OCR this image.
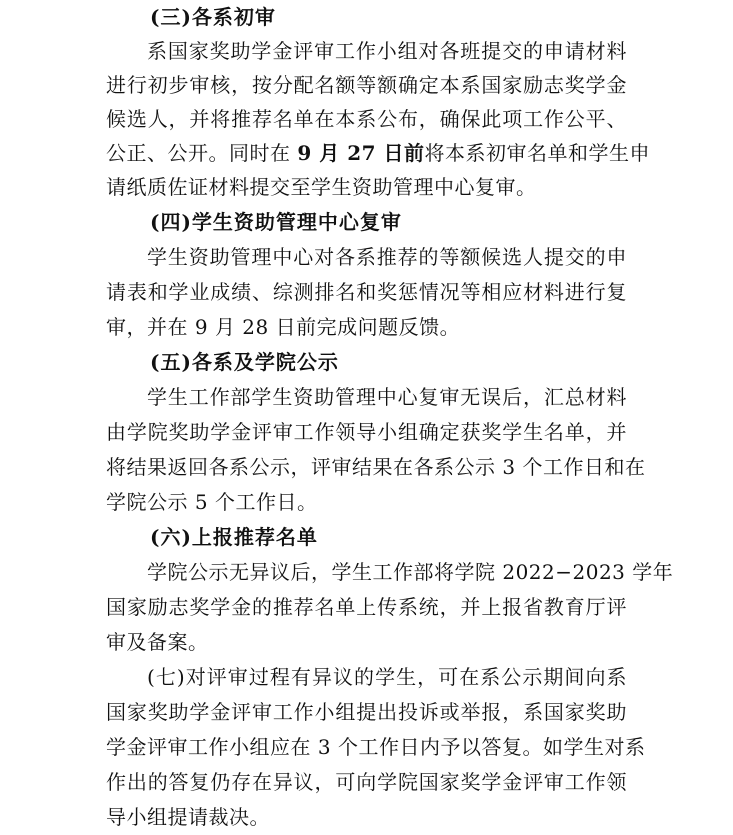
(三)各系初审
系国家奖助学金评审工作小组对各班提交的申请材料
进行初步审核，按分配名额等额确定本系国家励志奖学金
候选人，并将推荐名单在本系公布，确保此项工作公平、
公正、公开。同时在 9 月 27 日前将本系初审名单和学生申
请纸质佐证材料提交至学生资助管理中心复审。
(四)学生资助管理中心复审
学生资助管理中心对各系推荐的等额候选人提交的申
请表和学业成绩、综测排名和奖惩情况等相应材料进行复
审，并在 9 月 28 日前完成问题反馈。
(五)各系及学院公示
学生工作部学生资助管理中心复审无误后，汇总材料
由学院奖助学金评审工作领导小组确定获奖学生名单，并
将结果返回各系公示，评审结果在各系公示 3 个工作日和在
学院公示 5 个工作日。
(六)上报推荐名单
学院公示无异议后，学生工作部将学院 2022−2023 学年
国家励志奖学金的推荐名单上传系统，并上报省教育厅评
审及备案。
(七)对评审过程有异议的学生，可在系公示期间向系
国家奖助学金评审工作小组提出投诉或举报，系国家奖助
学金评审工作小组应在 3 个工作日内予以答复。如学生对系
作出的答复仍存在异议，可向学院国家奖学金评审工作领
导小组提请裁决。
